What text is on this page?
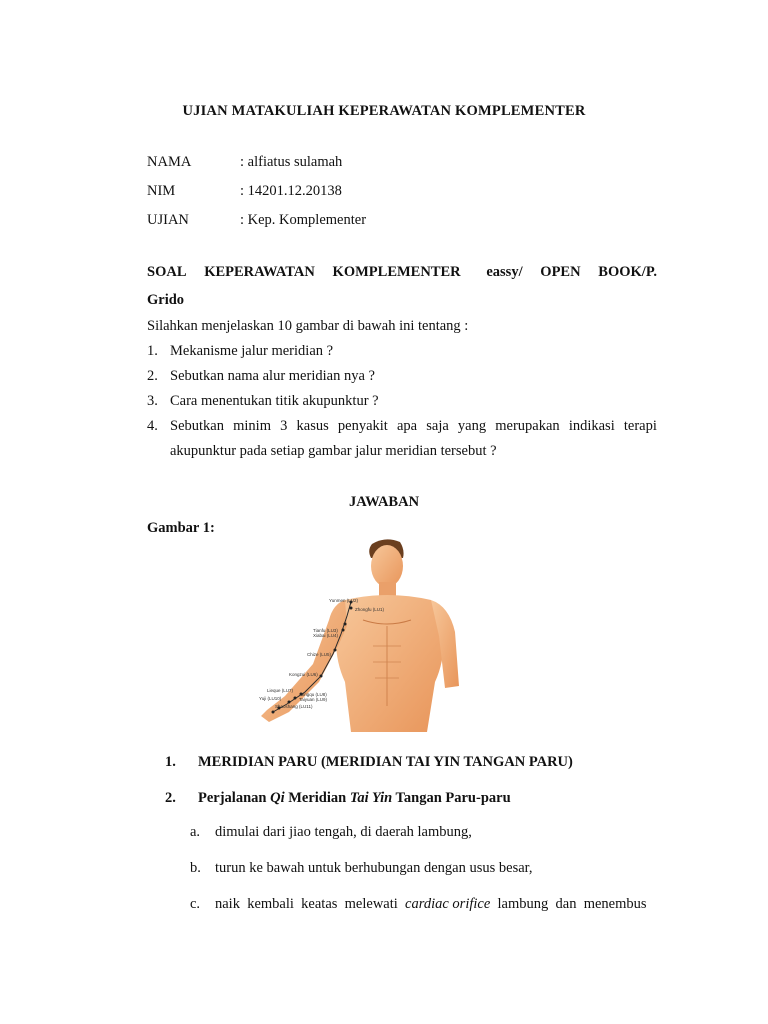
UJIAN MATAKULIAH KEPERAWATAN KOMPLEMENTER
NAMA	: alfiatus sulamah
NIM	: 14201.12.20138
UJIAN	: Kep. Komplementer
SOAL KEPERAWATAN KOMPLEMENTER eassy/ OPEN BOOK/P.
Grido
Silahkan menjelaskan 10 gambar di bawah ini tentang :
1. Mekanisme jalur meridian ?
2. Sebutkan nama alur meridian nya ?
3. Cara menentukan titik akupunktur ?
4. Sebutkan minim 3 kasus penyakit apa saja yang merupakan indikasi terapi
akupunktur pada setiap gambar jalur meridian tersebut ?
JAWABAN
Gambar 1:
Yunmen (LU2)
Zhongfu (LU1)
Tianfu (LU3)
Xiabai (LU4)
Chize (LU5)
Kongzui (LU6)
Lieque (LU7)
Jingqu (LU8)
Taiyuan (LU9)
Yuji (LU10)
Shaoshang (LU11)
1. MERIDIAN PARU (MERIDIAN TAI YIN TANGAN PARU)
2. Perjalanan Qi Meridian Tai Yin Tangan Paru-paru
a. dimulai dari jiao tengah, di daerah lambung,
b. turun ke bawah untuk berhubungan dengan usus besar,
c. naik  kembali  keatas  melewati  cardiac orifice  lambung  dan  menembus
